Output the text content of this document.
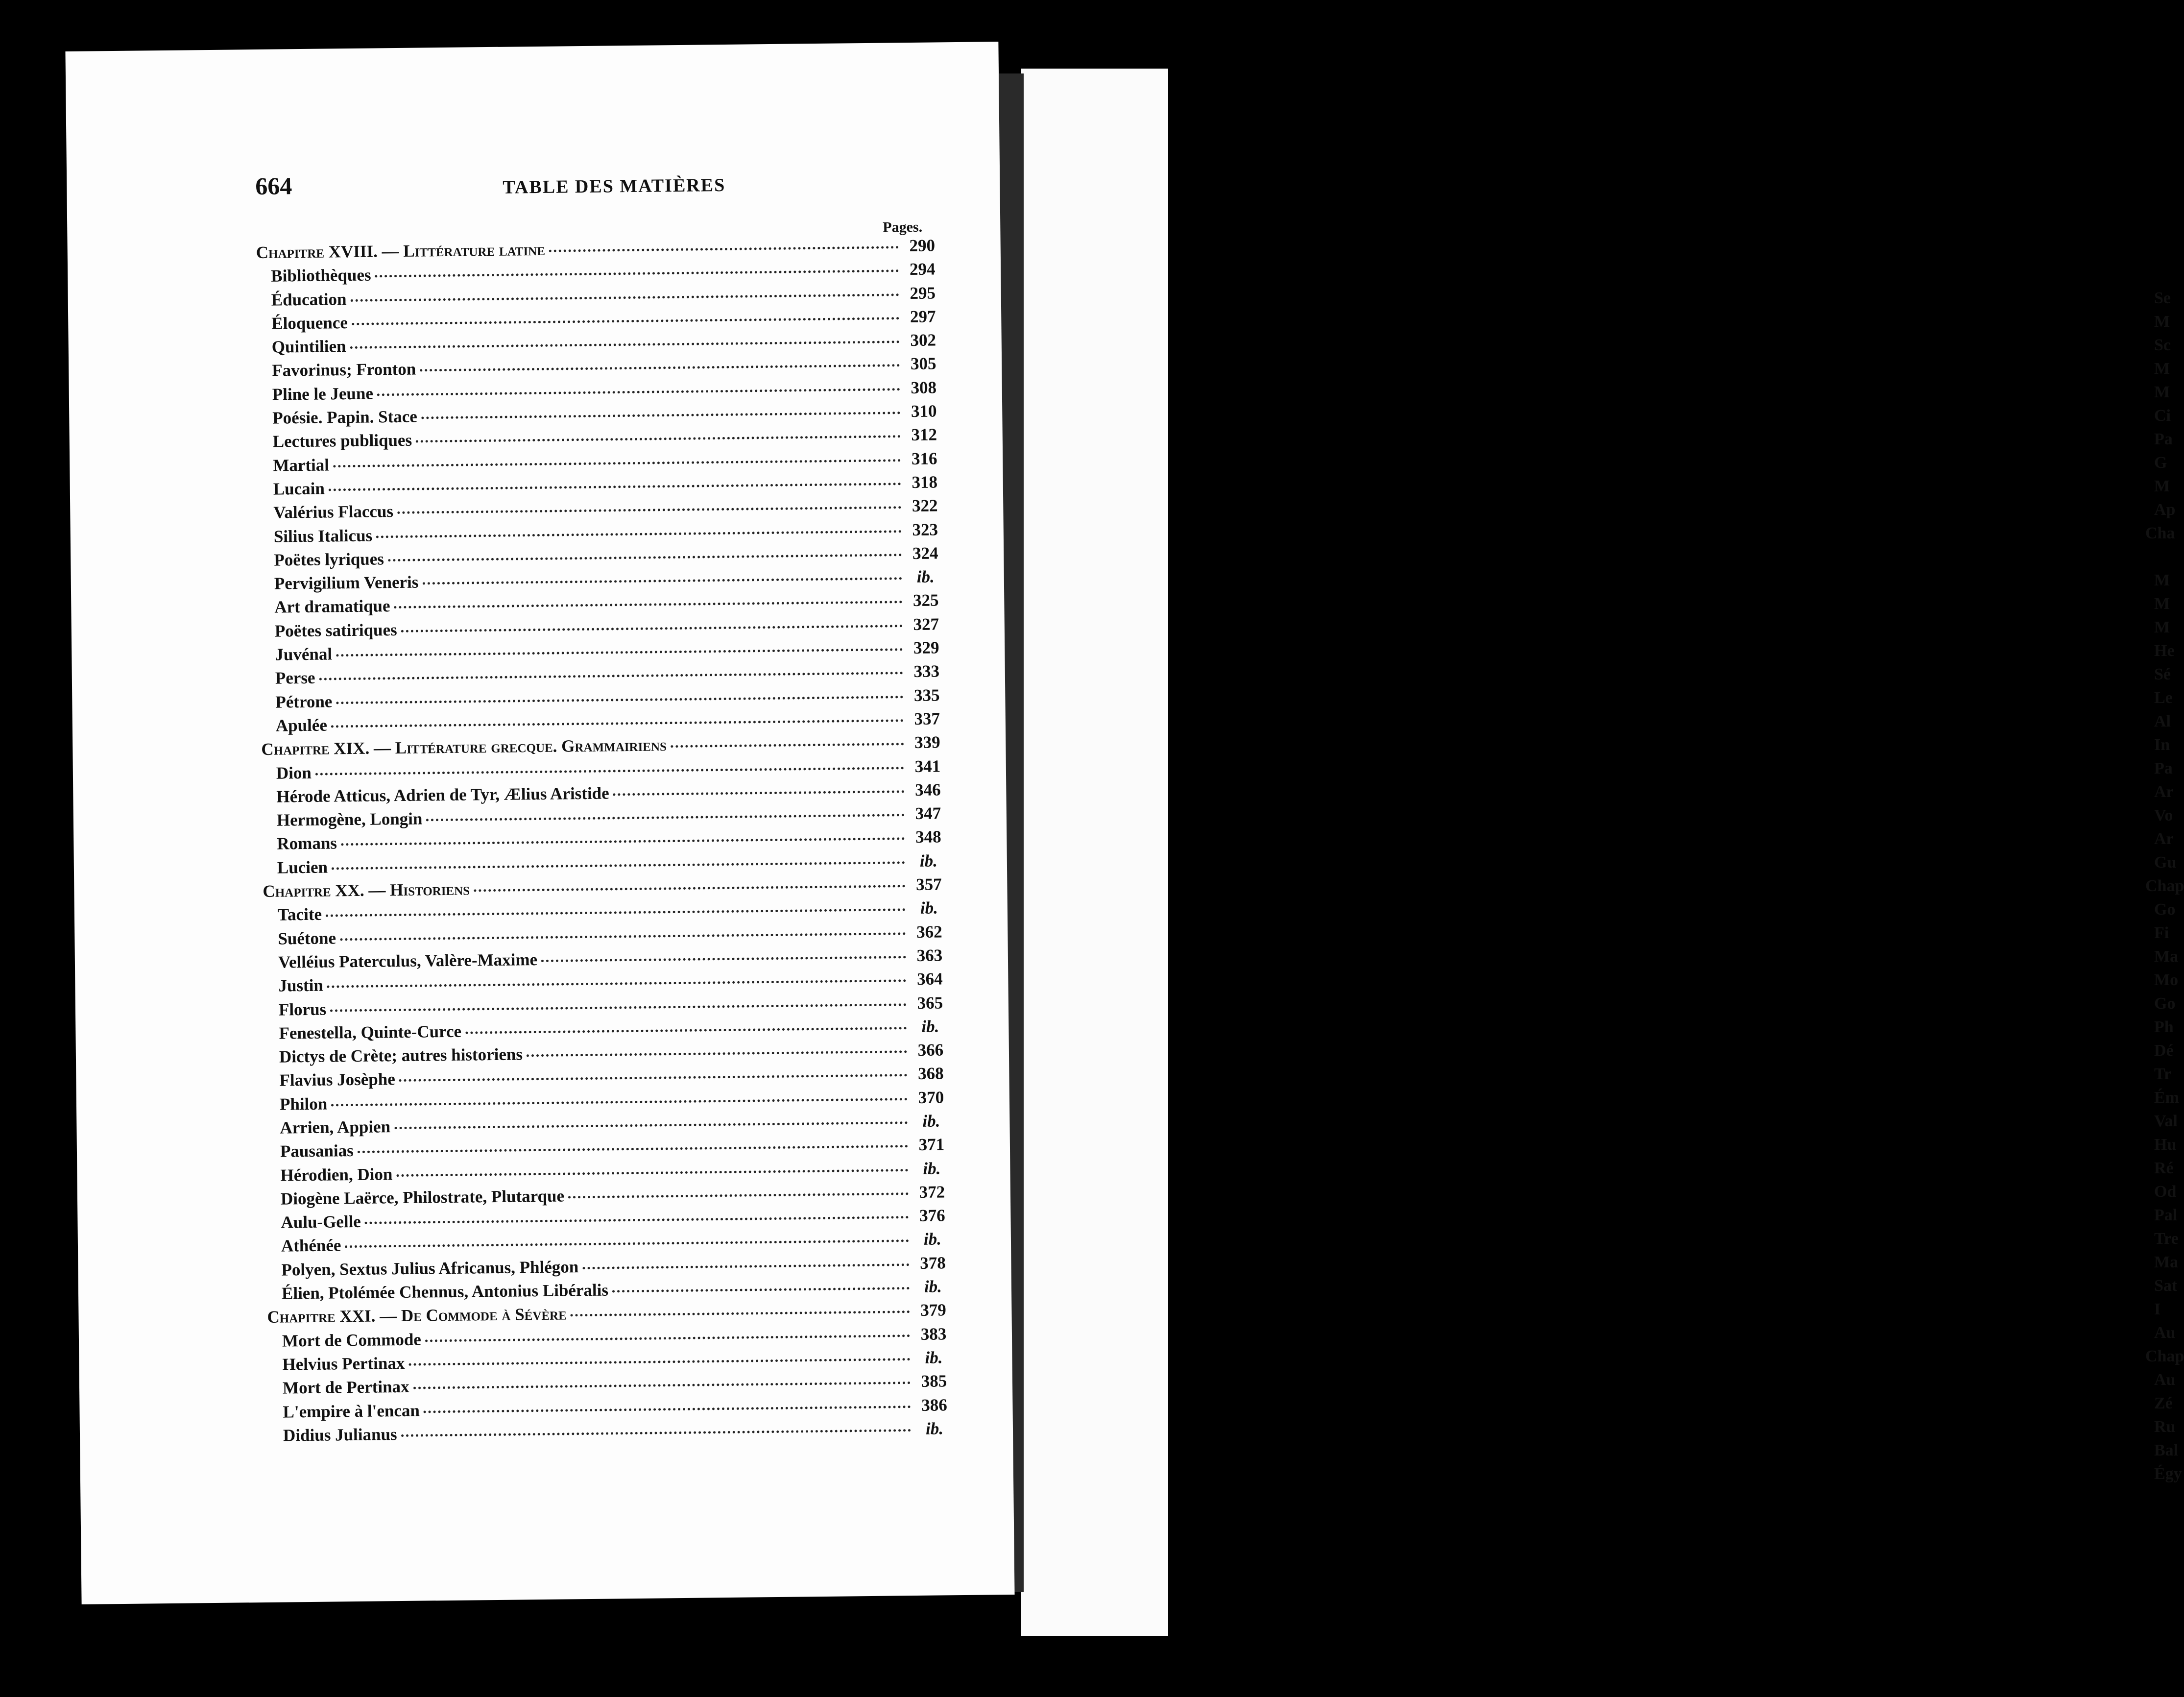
Se
M
Sc
M
M
Ci
Pa
G
M
Ap
Cha
M
M
M
He
Sé
Le
Al
In
Pa
Ar
Vo
Ar
Gu
Chap
Go
Fi
Ma
Mo
Go
Ph
Dé
Tr
Ém
Val
Hu
Ré
Od
Pal
Tre
Ma
Sat
I
Au
Chap
Au
Zé
Ru
Bal
Égy
664	TABLE DES MATIÈRES
Pages.
Chapitre XVIII. — Littérature latine	290
Bibliothèques	294
Éducation	295
Éloquence	297
Quintilien	302
Favorinus; Fronton	305
Pline le Jeune	308
Poésie. Papin. Stace	310
Lectures publiques	312
Martial	316
Lucain	318
Valérius Flaccus	322
Silius Italicus	323
Poëtes lyriques	324
Pervigilium Veneris	ib.
Art dramatique	325
Poëtes satiriques	327
Juvénal	329
Perse	333
Pétrone	335
Apulée	337
Chapitre XIX. — Littérature grecque. Grammairiens	339
Dion	341
Hérode Atticus, Adrien de Tyr, Ælius Aristide	346
Hermogène, Longin	347
Romans	348
Lucien	ib.
Chapitre XX. — Historiens	357
Tacite	ib.
Suétone	362
Velléius Paterculus, Valère-Maxime	363
Justin	364
Florus	365
Fenestella, Quinte-Curce	ib.
Dictys de Crète; autres historiens	366
Flavius Josèphe	368
Philon	370
Arrien, Appien	ib.
Pausanias	371
Hérodien, Dion	ib.
Diogène Laërce, Philostrate, Plutarque	372
Aulu-Gelle	376
Athénée	ib.
Polyen, Sextus Julius Africanus, Phlégon	378
Élien, Ptolémée Chennus, Antonius Libéralis	ib.
Chapitre XXI. — De Commode à Sévère	379
Mort de Commode	383
Helvius Pertinax	ib.
Mort de Pertinax	385
L'empire à l'encan	386
Didius Julianus	ib.
